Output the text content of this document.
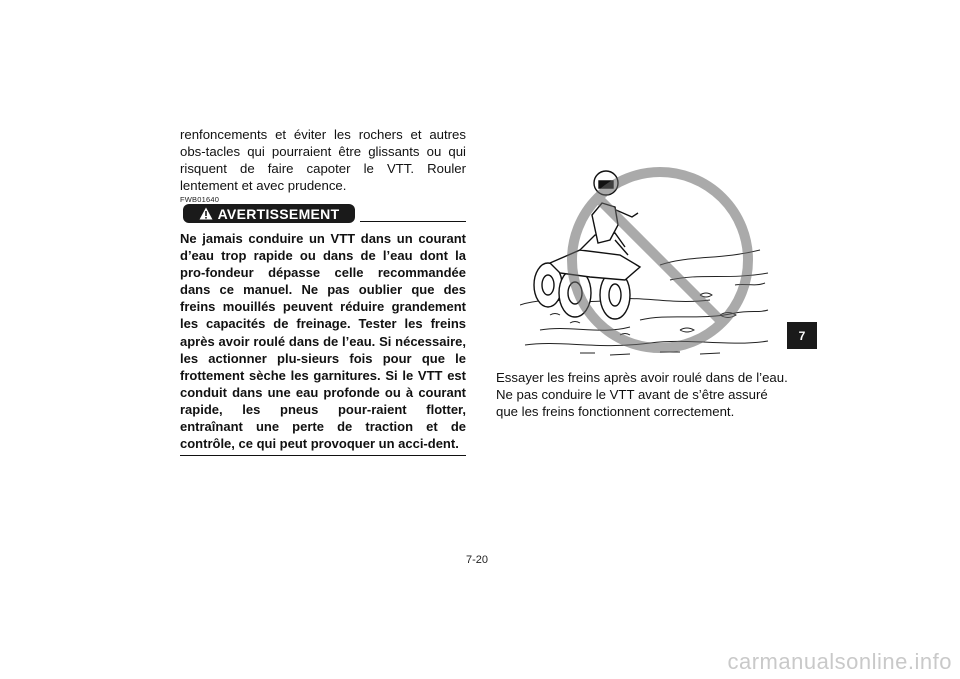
renfoncements et éviter les rochers et autres obs-tacles qui pourraient être glissants ou qui risquent de faire capoter le VTT. Rouler lentement et avec prudence.

FWB01640
AVERTISSEMENT

Ne jamais conduire un VTT dans un courant d’eau trop rapide ou dans de l’eau dont la pro-fondeur dépasse celle recommandée dans ce manuel. Ne pas oublier que des freins mouillés peuvent réduire grandement les capacités de freinage. Tester les freins après avoir roulé dans de l’eau. Si nécessaire, les actionner plu-sieurs fois pour que le frottement sèche les garnitures. Si le VTT est conduit dans une eau profonde ou à courant rapide, les pneus pour-raient flotter, entraînant une perte de traction et de contrôle, ce qui peut provoquer un acci-dent.

Essayer les freins après avoir roulé dans de l’eau. Ne pas conduire le VTT avant de s’être assuré que les freins fonctionnent correctement.

7
7-20
carmanualsonline.info
